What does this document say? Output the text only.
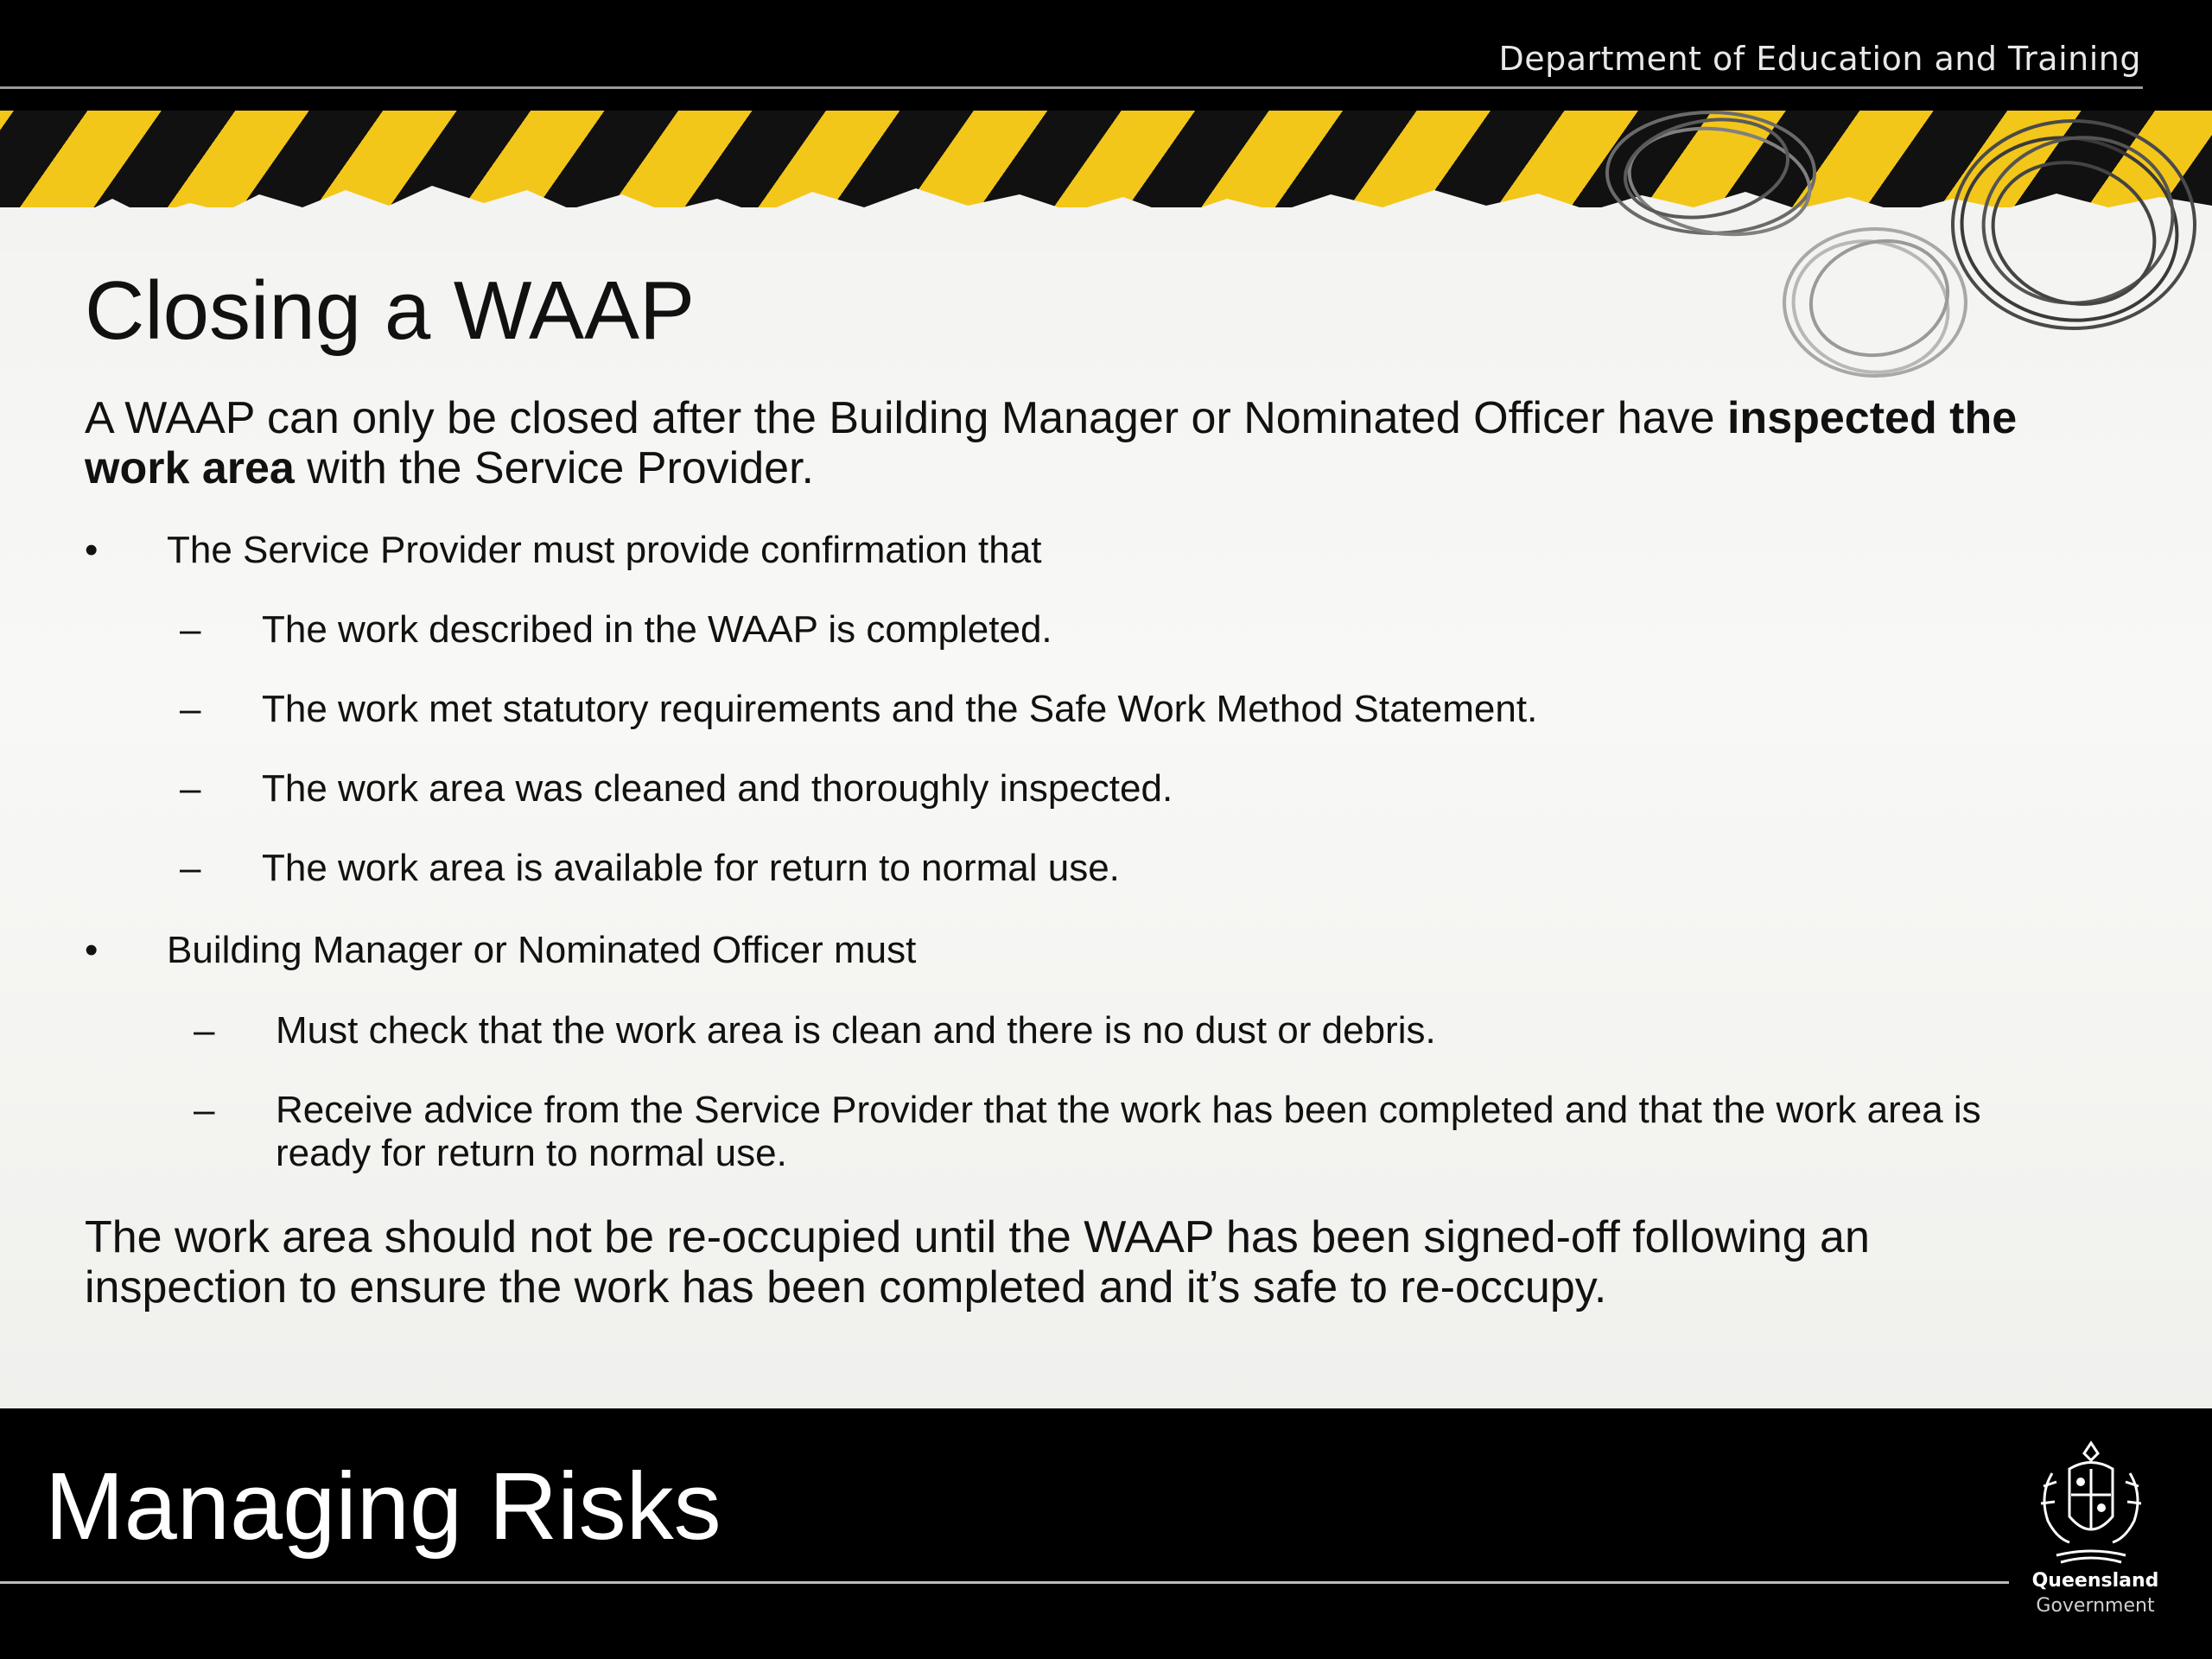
Department of Education and Training
Closing a WAAP

A WAAP can only be closed after the Building Manager or Nominated Officer have inspected the work area with the Service Provider.

• The Service Provider must provide confirmation that
– The work described in the WAAP is completed.
– The work met statutory requirements and the Safe Work Method Statement.
– The work area was cleaned and thoroughly inspected.
– The work area is available for return to normal use.
• Building Manager or Nominated Officer must
– Must check that the work area is clean and there is no dust or debris.
– Receive advice from the Service Provider that the work has been completed and that the work area is ready for return to normal use.

The work area should not be re-occupied until the WAAP has been signed-off following an inspection to ensure the work has been completed and it’s safe to re-occupy.

Managing Risks
Queensland
Government
